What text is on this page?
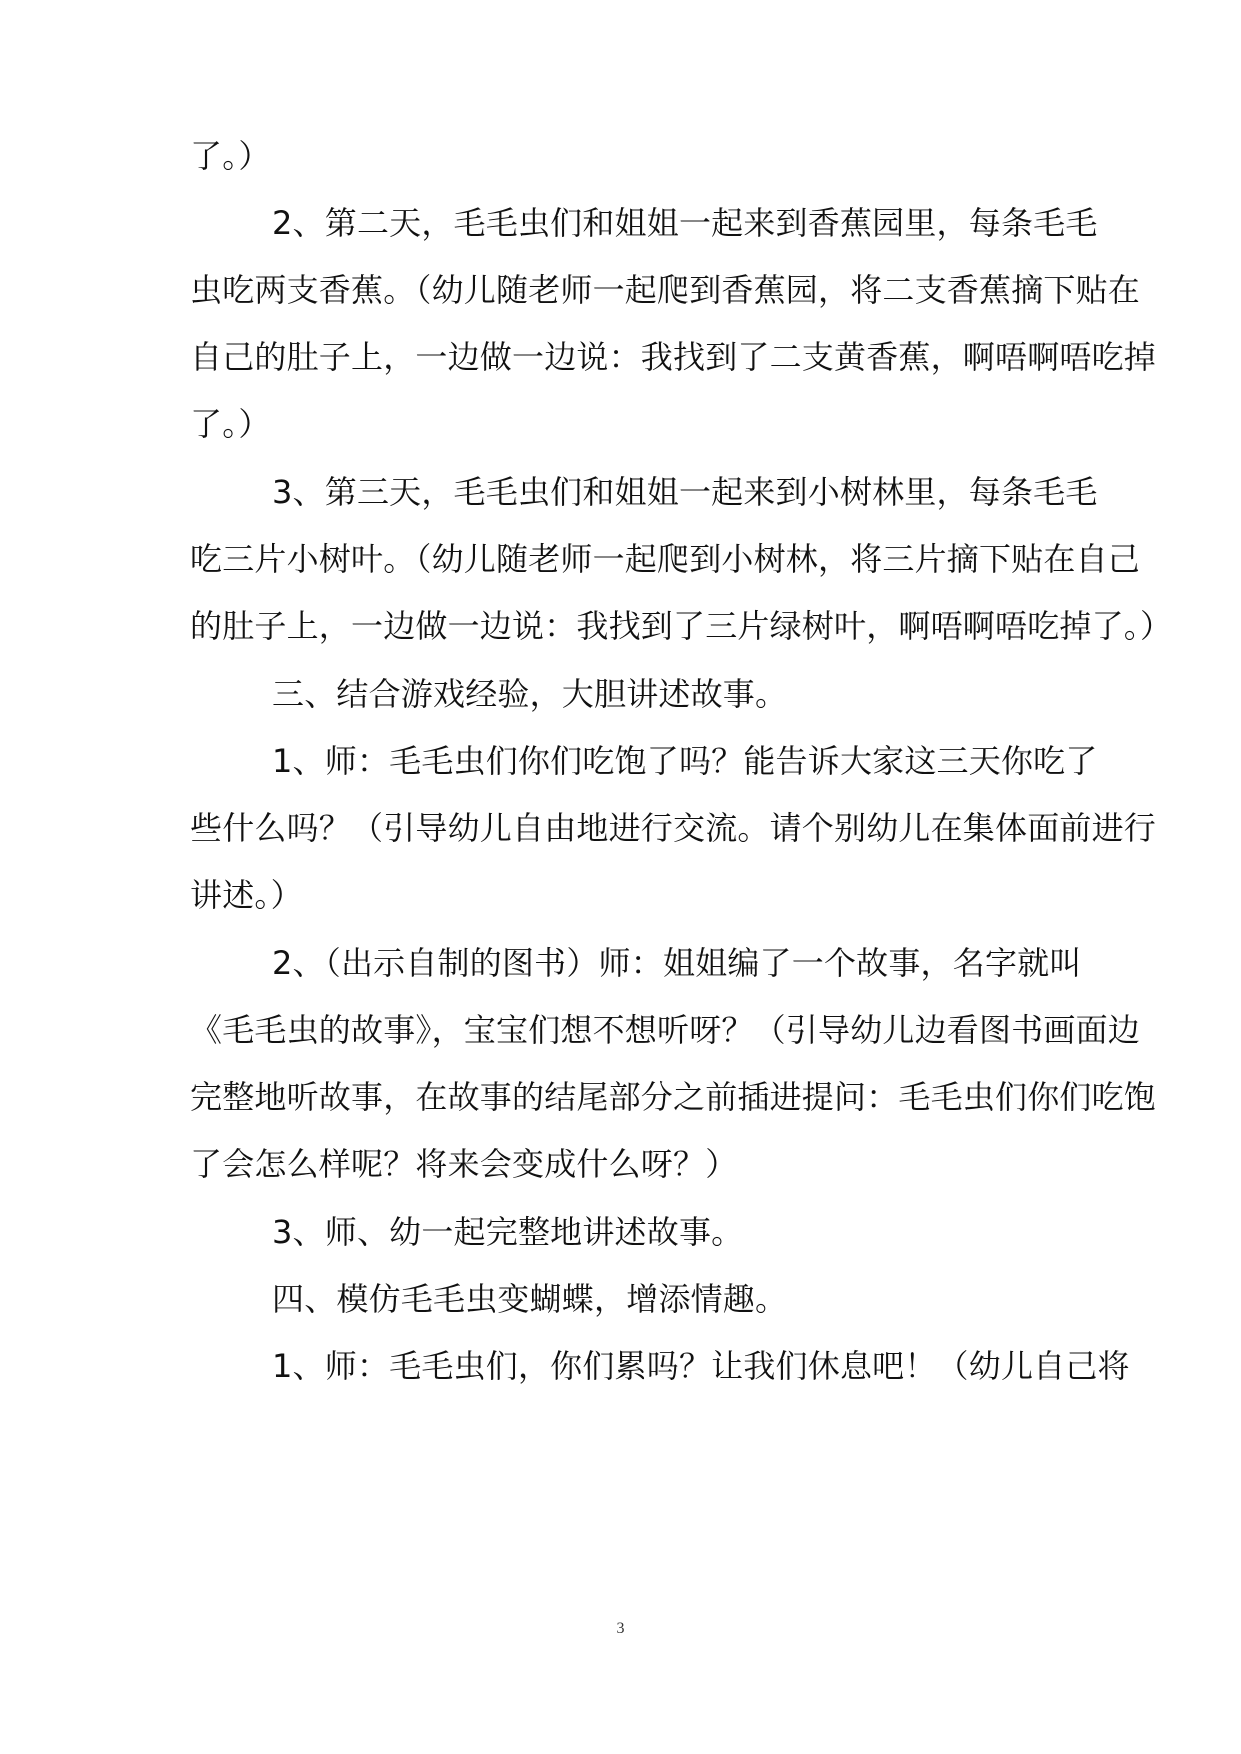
了。）
2、第二天，毛毛虫们和姐姐一起来到香蕉园里，每条毛毛
虫吃两支香蕉。（幼儿随老师一起爬到香蕉园，将二支香蕉摘下贴在
自己的肚子上，一边做一边说：我找到了二支黄香蕉，啊唔啊唔吃掉
了。）
3、第三天，毛毛虫们和姐姐一起来到小树林里，每条毛毛
吃三片小树叶。（幼儿随老师一起爬到小树林，将三片摘下贴在自己
的肚子上，一边做一边说：我找到了三片绿树叶，啊唔啊唔吃掉了。）
三、结合游戏经验，大胆讲述故事。
1、师：毛毛虫们你们吃饱了吗？能告诉大家这三天你吃了
些什么吗？（引导幼儿自由地进行交流。请个别幼儿在集体面前进行
讲述。）
2、（出示自制的图书）师：姐姐编了一个故事，名字就叫
《毛毛虫的故事》，宝宝们想不想听呀？（引导幼儿边看图书画面边
完整地听故事，在故事的结尾部分之前插进提问：毛毛虫们你们吃饱
了会怎么样呢？将来会变成什么呀？）
3、师、幼一起完整地讲述故事。
四、模仿毛毛虫变蝴蝶，增添情趣。
1、师：毛毛虫们，你们累吗？让我们休息吧！（幼儿自己将
3
